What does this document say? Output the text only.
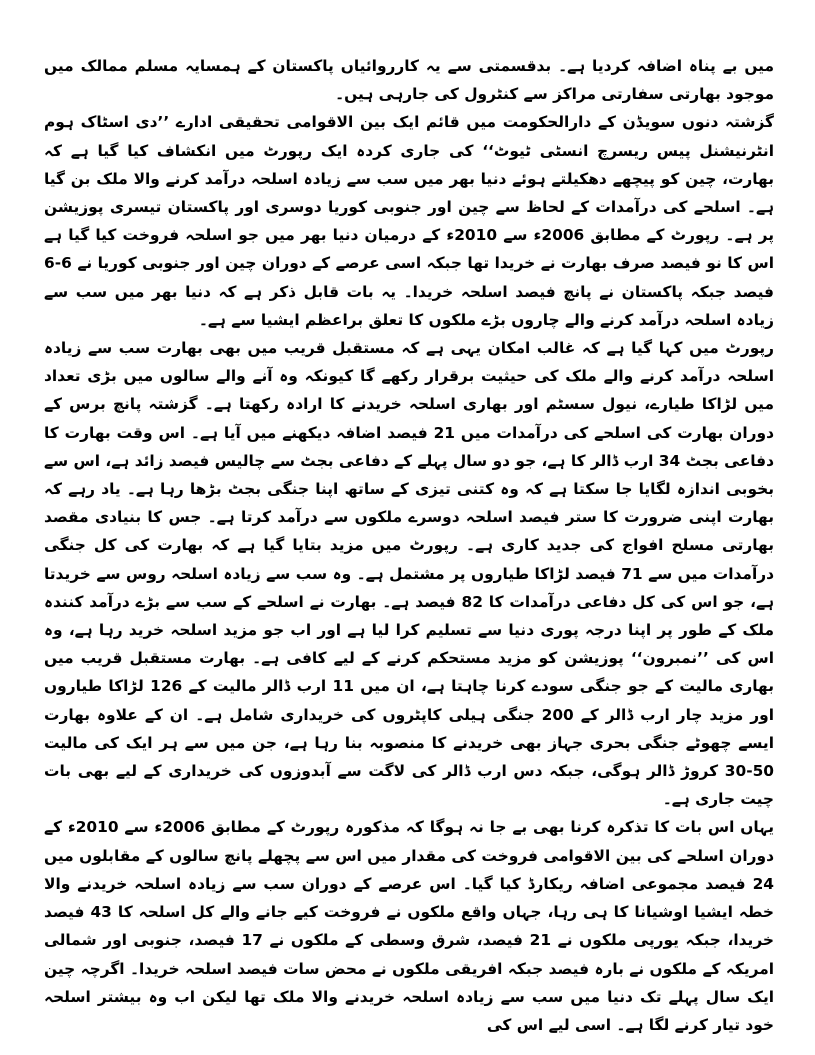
میں بے پناہ اضافہ کردیا ہے۔ بدقسمتی سے یہ کارروائیاں پاکستان کے ہمسایہ مسلم ممالک میں موجود بھارتی سفارتی مراکز سے کنٹرول کی جارہی ہیں۔

گزشتہ دنوں سویڈن کے دارالحکومت میں قائم ایک بین الاقوامی تحقیقی ادارے ’’دی اسٹاک ہوم انٹرنیشنل پیس ریسرچ انسٹی ٹیوٹ‘‘ کی جاری کردہ ایک رپورٹ میں انکشاف کیا گیا ہے کہ بھارت، چین کو پیچھے دھکیلتے ہوئے دنیا بھر میں سب سے زیادہ اسلحہ درآمد کرنے والا ملک بن گیا ہے۔ اسلحے کی درآمدات کے لحاظ سے چین اور جنوبی کوریا دوسری اور پاکستان تیسری پوزیشن پر ہے۔ رپورٹ کے مطابق 2006ء سے 2010ء کے درمیان دنیا بھر میں جو اسلحہ فروخت کیا گیا ہے اس کا نو فیصد صرف بھارت نے خریدا تھا جبکہ اسی عرصے کے دوران چین اور جنوبی کوریا نے 6-6 فیصد جبکہ پاکستان نے پانچ فیصد اسلحہ خریدا۔ یہ بات قابل ذکر ہے کہ دنیا بھر میں سب سے زیادہ اسلحہ درآمد کرنے والے چاروں بڑے ملکوں کا تعلق براعظم ایشیا سے ہے۔

رپورٹ میں کہا گیا ہے کہ غالب امکان یہی ہے کہ مستقبل قریب میں بھی بھارت سب سے زیادہ اسلحہ درآمد کرنے والے ملک کی حیثیت برقرار رکھے گا کیونکہ وہ آنے والے سالوں میں بڑی تعداد میں لڑاکا طیارے، نیول سسٹم اور بھاری اسلحہ خریدنے کا ارادہ رکھتا ہے۔ گزشتہ پانچ برس کے دوران بھارت کی اسلحے کی درآمدات میں 21 فیصد اضافہ دیکھنے میں آیا ہے۔ اس وقت بھارت کا دفاعی بجٹ 34 ارب ڈالر کا ہے، جو دو سال پہلے کے دفاعی بجٹ سے چالیس فیصد زائد ہے، اس سے بخوبی اندازہ لگایا جا سکتا ہے کہ وہ کتنی تیزی کے ساتھ اپنا جنگی بجٹ بڑھا رہا ہے۔ یاد رہے کہ بھارت اپنی ضرورت کا ستر فیصد اسلحہ دوسرے ملکوں سے درآمد کرتا ہے۔ جس کا بنیادی مقصد بھارتی مسلح افواج کی جدید کاری ہے۔ رپورٹ میں مزید بتایا گیا ہے کہ بھارت کی کل جنگی درآمدات میں سے 71 فیصد لڑاکا طیاروں پر مشتمل ہے۔ وہ سب سے زیادہ اسلحہ روس سے خریدتا ہے، جو اس کی کل دفاعی درآمدات کا 82 فیصد ہے۔ بھارت نے اسلحے کے سب سے بڑے درآمد کنندہ ملک کے طور پر اپنا درجہ پوری دنیا سے تسلیم کرا لیا ہے اور اب جو مزید اسلحہ خرید رہا ہے، وہ اس کی ’’نمبرون‘‘ پوزیشن کو مزید مستحکم کرنے کے لیے کافی ہے۔ بھارت مستقبل قریب میں بھاری مالیت کے جو جنگی سودے کرنا چاہتا ہے، ان میں 11 ارب ڈالر مالیت کے 126 لڑاکا طیاروں اور مزید چار ارب ڈالر کے 200 جنگی ہیلی کاپٹروں کی خریداری شامل ہے۔ ان کے علاوہ بھارت ایسے چھوٹے جنگی بحری جہاز بھی خریدنے کا منصوبہ بنا رہا ہے، جن میں سے ہر ایک کی مالیت 50-30 کروڑ ڈالر ہوگی، جبکہ دس ارب ڈالر کی لاگت سے آبدوزوں کی خریداری کے لیے بھی بات چیت جاری ہے۔

یہاں اس بات کا تذکرہ کرنا بھی بے جا نہ ہوگا کہ مذکورہ رپورٹ کے مطابق 2006ء سے 2010ء کے دوران اسلحے کی بین الاقوامی فروخت کی مقدار میں اس سے پچھلے پانچ سالوں کے مقابلوں میں 24 فیصد مجموعی اضافہ ریکارڈ کیا گیا۔ اس عرصے کے دوران سب سے زیادہ اسلحہ خریدنے والا خطہ ایشیا اوشیانا کا ہی رہا، جہاں واقع ملکوں نے فروخت کیے جانے والے کل اسلحہ کا 43 فیصد خریدا، جبکہ یورپی ملکوں نے 21 فیصد، شرق وسطی کے ملکوں نے 17 فیصد، جنوبی اور شمالی امریکہ کے ملکوں نے بارہ فیصد جبکہ افریقی ملکوں نے محض سات فیصد اسلحہ خریدا۔ اگرچہ چین ایک سال پہلے تک دنیا میں سب سے زیادہ اسلحہ خریدنے والا ملک تھا لیکن اب وہ بیشتر اسلحہ خود تیار کرنے لگا ہے۔ اسی لیے اس کی
